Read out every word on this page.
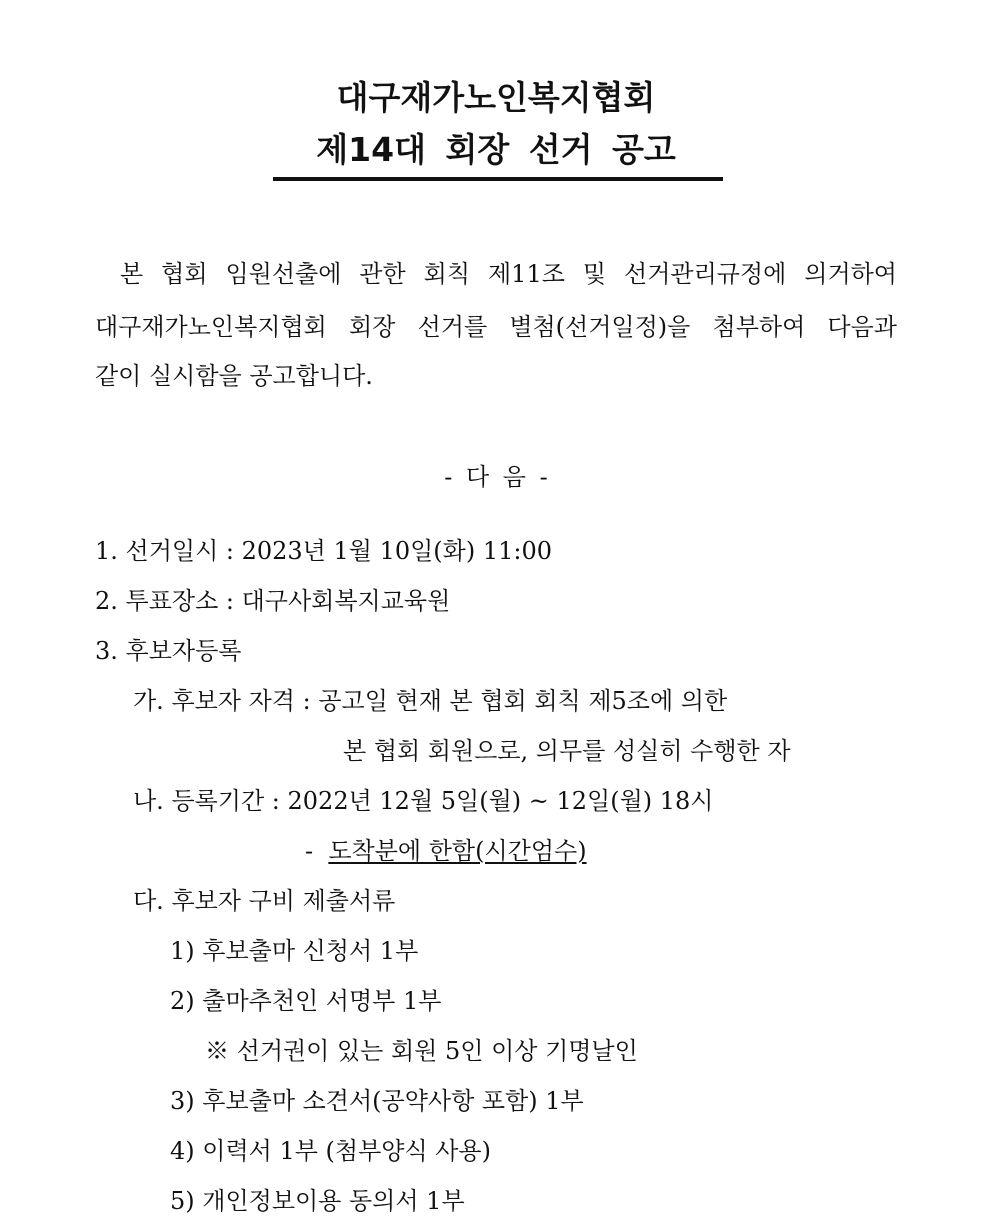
대구재가노인복지협회
제14대 회장 선거 공고
본 협회 임원선출에 관한 회칙 제11조 및 선거관리규정에 의거하여
대구재가노인복지협회 회장 선거를 별첨(선거일정)을 첨부하여 다음과
같이 실시함을 공고합니다.
- 다 음 -
1. 선거일시 : 2023년 1월 10일(화) 11:00
2. 투표장소 : 대구사회복지교육원
3. 후보자등록
가. 후보자 자격 : 공고일 현재 본 협회 회칙 제5조에 의한
본 협회 회원으로, 의무를 성실히 수행한 자
나. 등록기간 : 2022년 12월 5일(월) ~ 12일(월) 18시
- 도착분에 한함(시간엄수)
다. 후보자 구비 제출서류
1) 후보출마 신청서 1부
2) 출마추천인 서명부 1부
※ 선거권이 있는 회원 5인 이상 기명날인
3) 후보출마 소견서(공약사항 포함) 1부
4) 이력서 1부 (첨부양식 사용)
5) 개인정보이용 동의서 1부
